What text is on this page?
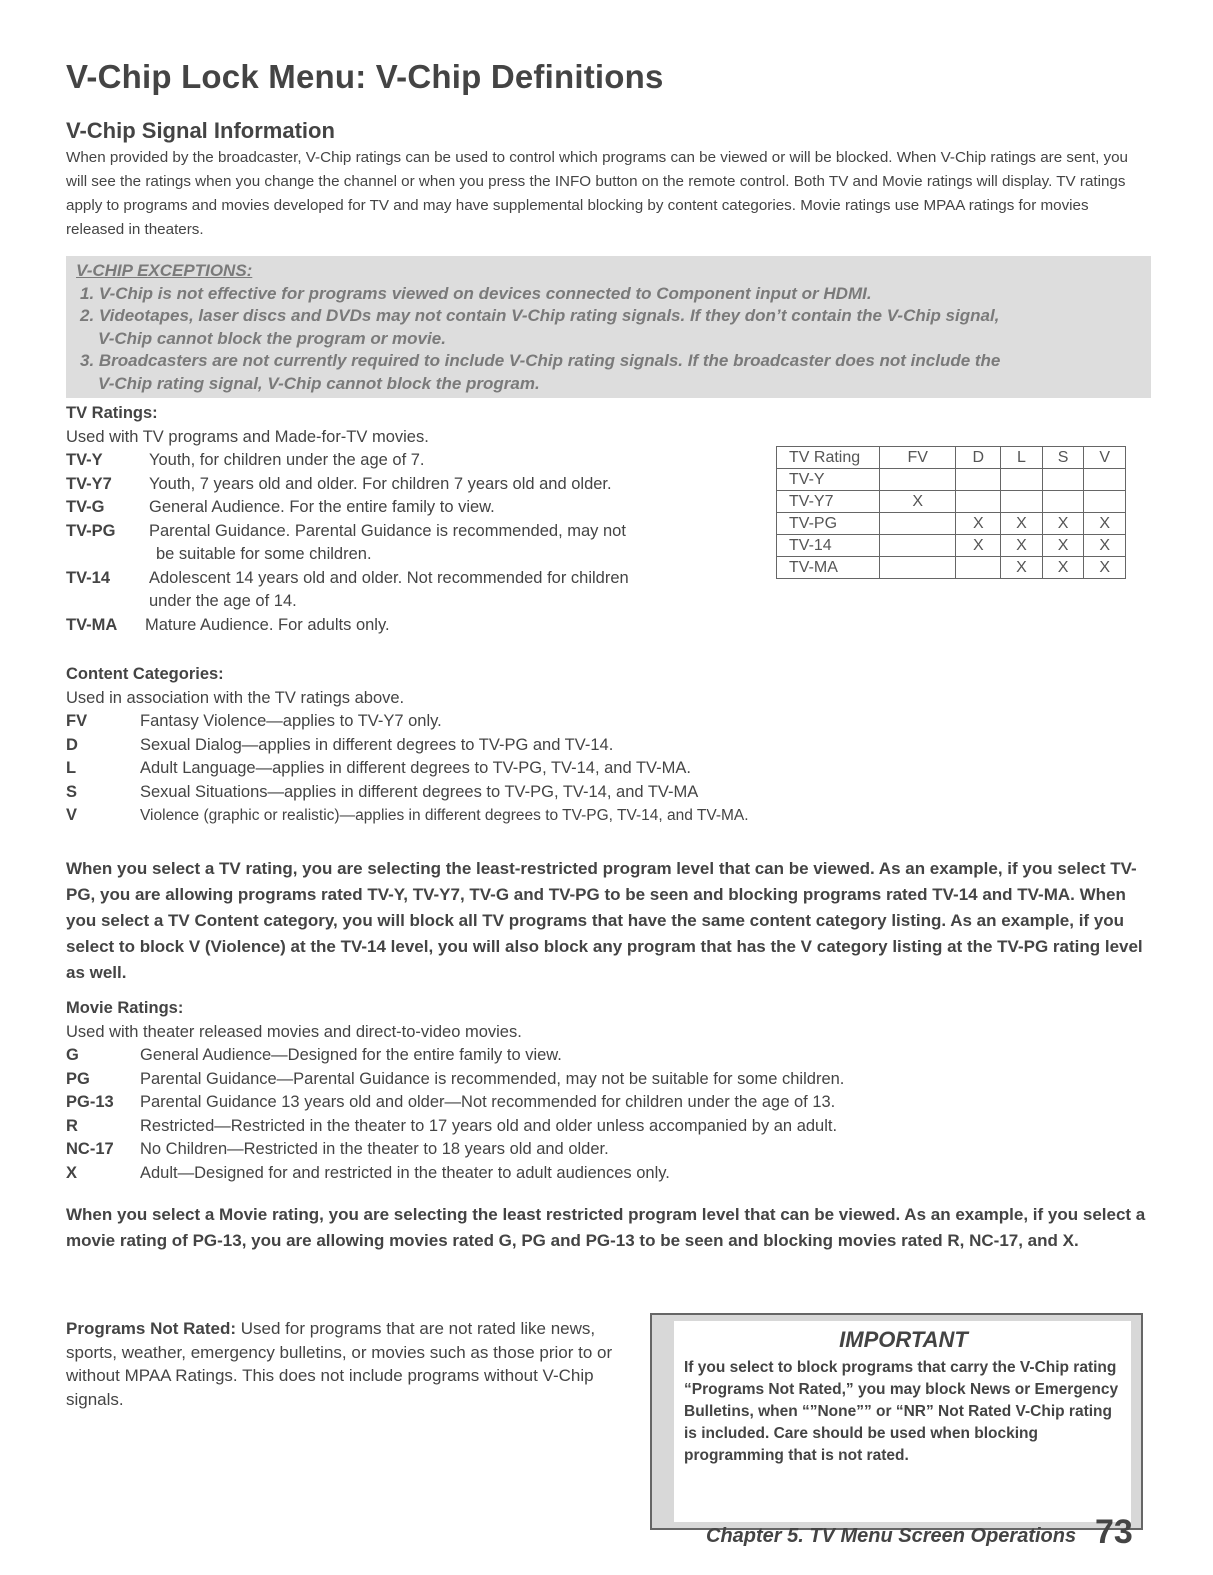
V-Chip Lock Menu: V-Chip Definitions
V-Chip Signal Information
When provided by the broadcaster, V-Chip ratings can be used to control which programs can be viewed or will be blocked. When V-Chip ratings are sent, you will see the ratings when you change the channel or when you press the INFO button on the remote control. Both TV and Movie ratings will display. TV ratings apply to programs and movies developed for TV and may have supplemental blocking by content categories. Movie ratings use MPAA ratings for movies released in theaters.
V-CHIP EXCEPTIONS:
1. V-Chip is not effective for programs viewed on devices connected to Component input or HDMI.
2. Videotapes, laser discs and DVDs may not contain V-Chip rating signals. If they don’t contain the V-Chip signal,
V-Chip cannot block the program or movie.
3. Broadcasters are not currently required to include V-Chip rating signals. If the broadcaster does not include the
V-Chip rating signal, V-Chip cannot block the program.
TV Ratings:
Used with TV programs and Made-for-TV movies.
TV-Y	Youth, for children under the age of 7.
TV-Y7 Youth, 7 years old and older. For children 7 years old and older.
TV-G	General Audience. For the entire family to view.
TV-PG Parental Guidance. Parental Guidance is recommended, may not
be suitable for some children.
TV-14 Adolescent 14 years old and older. Not recommended for children
under the age of 14.
TV-MA Mature Audience. For adults only.
TV Rating	FV	D	L	S	V
TV-Y					
TV-Y7	X				
TV-PG		X	X	X	X
TV-14		X	X	X	X
TV-MA			X	X	X
Content Categories:
Used in association with the TV ratings above.
FV	Fantasy Violence—applies to TV-Y7 only.
D	Sexual Dialog—applies in different degrees to TV-PG and TV-14.
L	Adult Language—applies in different degrees to TV-PG, TV-14, and TV-MA.
S	Sexual Situations—applies in different degrees to TV-PG, TV-14, and TV-MA
V	Violence (graphic or realistic)—applies in different degrees to TV-PG, TV-14, and TV-MA.
When you select a TV rating, you are selecting the least-restricted program level that can be viewed. As an example, if you select TV-PG, you are allowing programs rated TV-Y, TV-Y7, TV-G and TV-PG to be seen and blocking programs rated TV-14 and TV-MA. When you select a TV Content category, you will block all TV programs that have the same content category listing. As an example, if you select to block V (Violence) at the TV-14 level, you will also block any program that has the V category listing at the TV-PG rating level as well.
Movie Ratings:
Used with theater released movies and direct-to-video movies.
G	General Audience—Designed for the entire family to view.
PG	Parental Guidance—Parental Guidance is recommended, may not be suitable for some children.
PG-13 Parental Guidance 13 years old and older—Not recommended for children under the age of 13.
R	Restricted—Restricted in the theater to 17 years old and older unless accompanied by an adult.
NC-17 No Children—Restricted in the theater to 18 years old and older.
X	Adult—Designed for and restricted in the theater to adult audiences only.
When you select a Movie rating, you are selecting the least restricted program level that can be viewed. As an example, if you select a movie rating of PG-13, you are allowing movies rated G, PG and PG-13 to be seen and blocking movies rated R, NC-17, and X.
Programs Not Rated: Used for programs that are not rated like news, sports, weather, emergency bulletins, or movies such as those prior to or without MPAA Ratings. This does not include programs without V-Chip signals.
IMPORTANT
If you select to block programs that carry the V-Chip rating “Programs Not Rated,” you may block News or Emergency Bulletins, when “”None”” or “NR” Not Rated V-Chip rating is included. Care should be used when blocking programming that is not rated.
Chapter 5. TV Menu Screen Operations 73
